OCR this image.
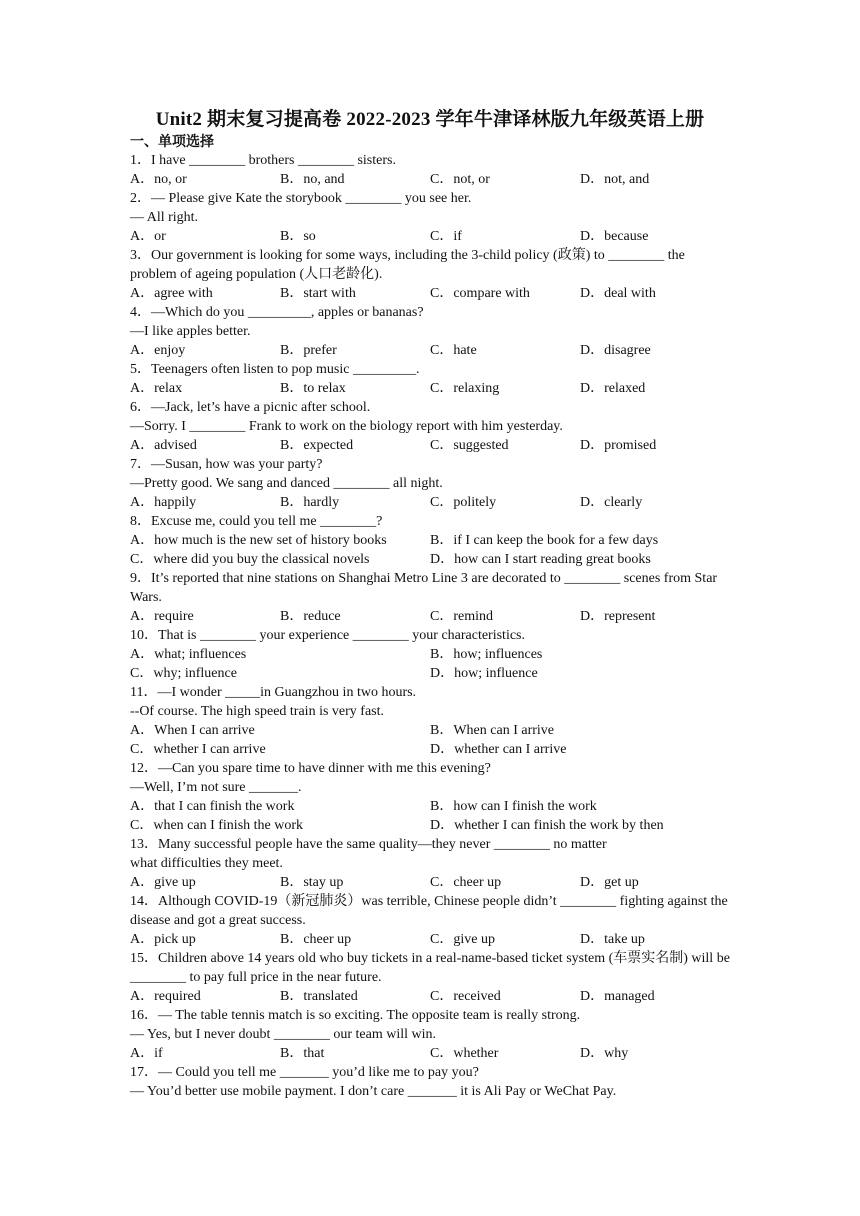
Unit2 期末复习提高卷 2022-2023 学年牛津译林版九年级英语上册
一、单项选择
1．I have ________ brothers ________ sisters.
A．no, or	B．no, and	C．not, or	D．not, and
2．— Please give Kate the storybook ________ you see her.
— All right.
A．or	B．so	C．if	D．because
3．Our government is looking for some ways, including the 3-child policy (政策) to ________ the problem of ageing population (人口老龄化).
A．agree with	B．start with	C．compare with	D．deal with
4．—Which do you _________, apples or bananas?
—I like apples better.
A．enjoy	B．prefer	C．hate	D．disagree
5．Teenagers often listen to pop music _________.
A．relax	B．to relax	C．relaxing	D．relaxed
6．—Jack, let’s have a picnic after school.
—Sorry. I ________ Frank to work on the biology report with him yesterday.
A．advised	B．expected	C．suggested	D．promised
7．—Susan, how was your party?
—Pretty good. We sang and danced ________ all night.
A．happily	B．hardly	C．politely	D．clearly
8．Excuse me, could you tell me ________?
A．how much is the new set of history books	B．if I can keep the book for a few days
C．where did you buy the classical novels	D．how can I start reading great books
9．It’s reported that nine stations on Shanghai Metro Line 3 are decorated to ________ scenes from Star Wars.
A．require	B．reduce	C．remind	D．represent
10．That is ________ your experience ________ your characteristics.
A．what; influences	B．how; influences
C．why; influence	D．how; influence
11．—I wonder _____in Guangzhou in two hours.
--Of course. The high speed train is very fast.
A．When I can arrive	B．When can I arrive
C．whether I can arrive	D．whether can I arrive
12．—Can you spare time to have dinner with me this evening?
—Well, I’m not sure _______.
A．that I can finish the work	B．how can I finish the work
C．when can I finish the work	D．whether I can finish the work by then
13．Many successful people have the same quality—they never ________ no matter
what difficulties they meet.
A．give up	B．stay up	C．cheer up	D．get up
14．Although COVID-19（新冠肺炎）was terrible, Chinese people didn’t ________ fighting against the disease and got a great success.
A．pick up	B．cheer up	C．give up	D．take up
15．Children above 14 years old who buy tickets in a real-name-based ticket system (车票实名制) will be ________ to pay full price in the near future.
A．required	B．translated	C．received	D．managed
16．— The table tennis match is so exciting. The opposite team is really strong.
— Yes, but I never doubt ________ our team will win.
A．if	B．that	C．whether	D．why
17．— Could you tell me _______ you’d like me to pay you?
— You’d better use mobile payment. I don’t care _______ it is Ali Pay or WeChat Pay.
